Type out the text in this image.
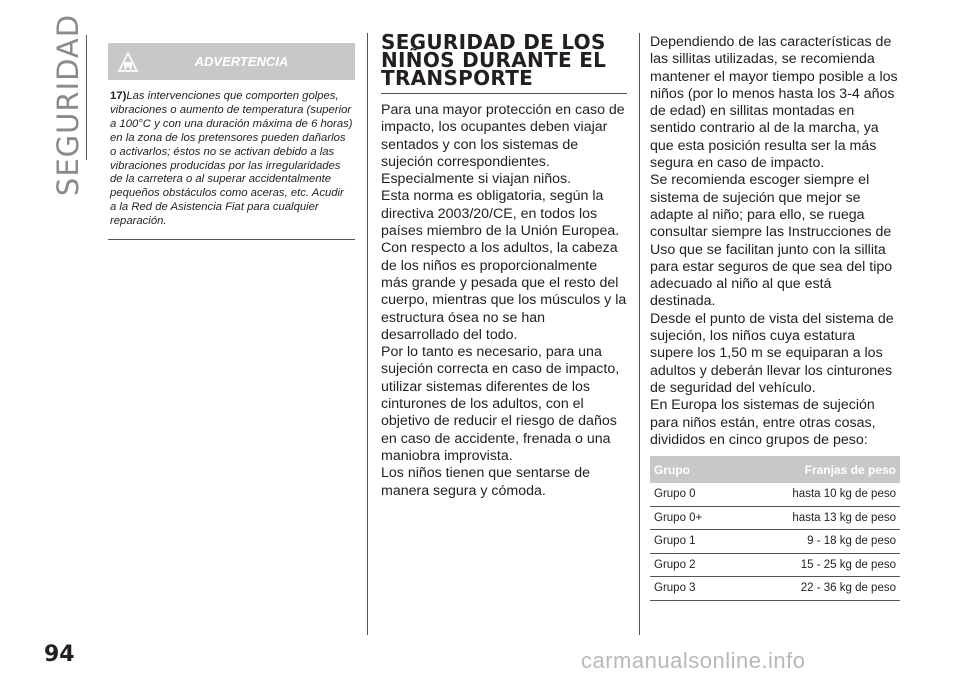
SEGURIDAD	ADVERTENCIA
17)Las intervenciones que comporten golpes, vibraciones o aumento de temperatura (superior a 100°C y con una duración máxima de 6 horas) en la zona de los pretensores pueden dañarlos o activarlos; éstos no se activan debido a las vibraciones producidas por las irregularidades de la carretera o al superar accidentalmente pequeños obstáculos como aceras, etc. Acudir a la Red de Asistencia Fiat para cualquier reparación.
SEGURIDAD DE LOS NIÑOS DURANTE EL TRANSPORTE

Para una mayor protección en caso de impacto, los ocupantes deben viajar sentados y con los sistemas de sujeción correspondientes.

Especialmente si viajan niños.

Esta norma es obligatoria, según la directiva 2003/20/CE, en todos los países miembro de la Unión Europea.

Con respecto a los adultos, la cabeza de los niños es proporcionalmente más grande y pesada que el resto del cuerpo, mientras que los músculos y la estructura ósea no se han desarrollado del todo.

Por lo tanto es necesario, para una sujeción correcta en caso de impacto, utilizar sistemas diferentes de los cinturones de los adultos, con el objetivo de reducir el riesgo de daños en caso de accidente, frenada o una maniobra improvista.

Los niños tienen que sentarse de manera segura y cómoda.

Dependiendo de las características de las sillitas utilizadas, se recomienda mantener el mayor tiempo posible a los niños (por lo menos hasta los 3-4 años de edad) en sillitas montadas en sentido contrario al de la marcha, ya que esta posición resulta ser la más segura en caso de impacto.

Se recomienda escoger siempre el sistema de sujeción que mejor se adapte al niño; para ello, se ruega consultar siempre las Instrucciones de Uso que se facilitan junto con la sillita para estar seguros de que sea del tipo adecuado al niño al que está destinada.

Desde el punto de vista del sistema de sujeción, los niños cuya estatura supere los 1,50 m se equiparan a los adultos y deberán llevar los cinturones de seguridad del vehículo.

En Europa los sistemas de sujeción para niños están, entre otras cosas, divididos en cinco grupos de peso:

Grupo	Franjas de peso
Grupo 0	hasta 10 kg de peso
Grupo 0+	hasta 13 kg de peso
Grupo 1	9 - 18 kg de peso
Grupo 2	15 - 25 kg de peso
Grupo 3	22 - 36 kg de peso
94	carmanualsonline.info
